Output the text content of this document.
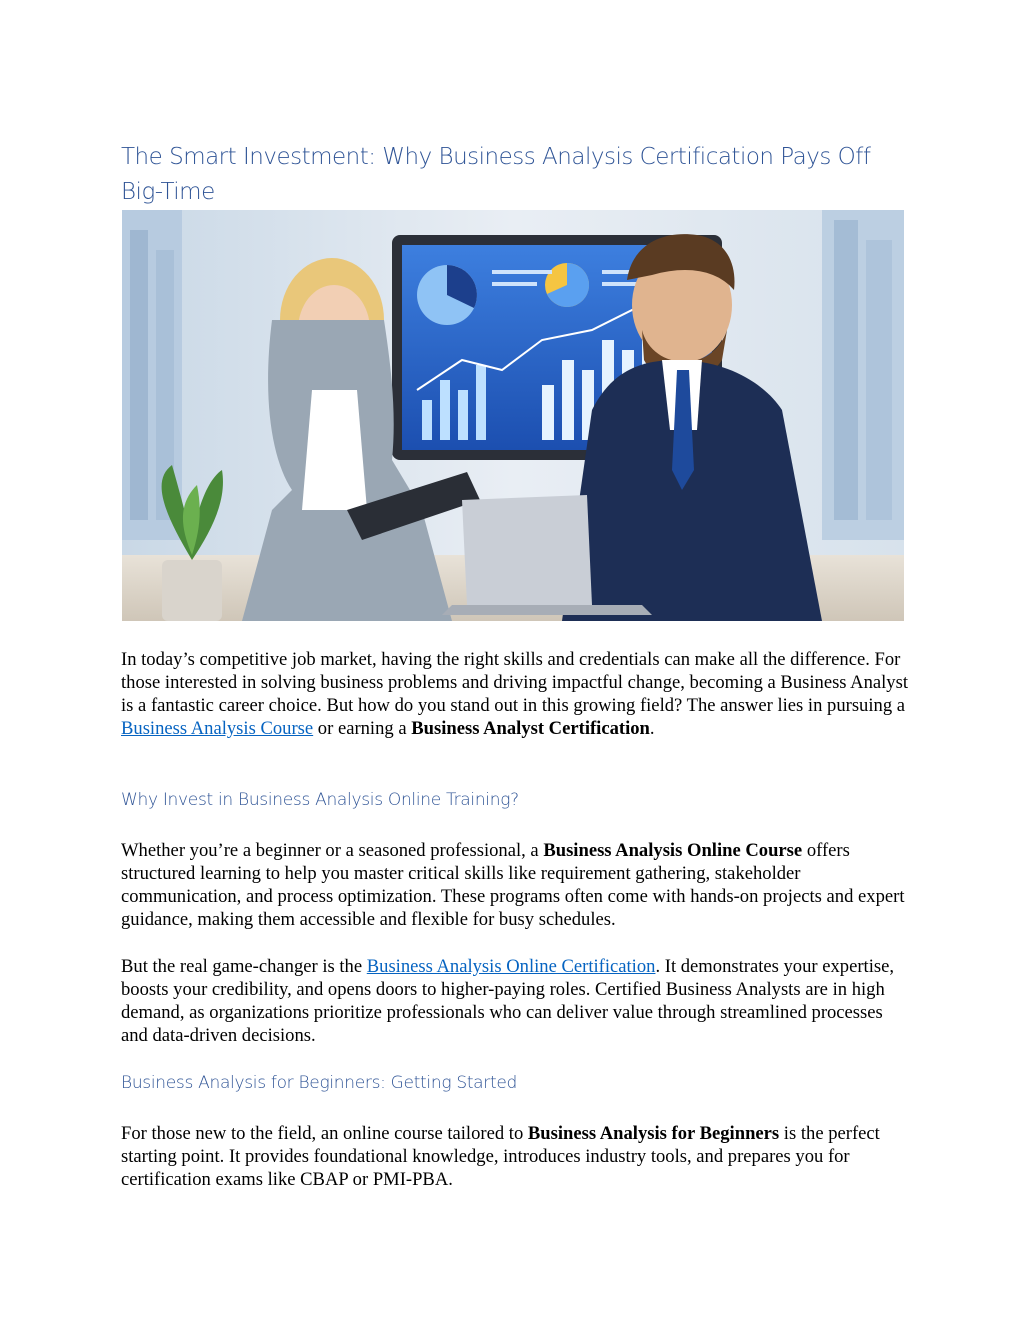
The Smart Investment: Why Business Analysis Certification Pays Off Big-Time

In today’s competitive job market, having the right skills and credentials can make all the difference. For those interested in solving business problems and driving impactful change, becoming a Business Analyst is a fantastic career choice. But how do you stand out in this growing field? The answer lies in pursuing a Business Analysis Course or earning a Business Analyst Certification.

Why Invest in Business Analysis Online Training?

Whether you’re a beginner or a seasoned professional, a Business Analysis Online Course offers structured learning to help you master critical skills like requirement gathering, stakeholder communication, and process optimization. These programs often come with hands-on projects and expert guidance, making them accessible and flexible for busy schedules.

But the real game-changer is the Business Analysis Online Certification. It demonstrates your expertise, boosts your credibility, and opens doors to higher-paying roles. Certified Business Analysts are in high demand, as organizations prioritize professionals who can deliver value through streamlined processes and data-driven decisions.

Business Analysis for Beginners: Getting Started

For those new to the field, an online course tailored to Business Analysis for Beginners is the perfect starting point. It provides foundational knowledge, introduces industry tools, and prepares you for certification exams like CBAP or PMI-PBA.
